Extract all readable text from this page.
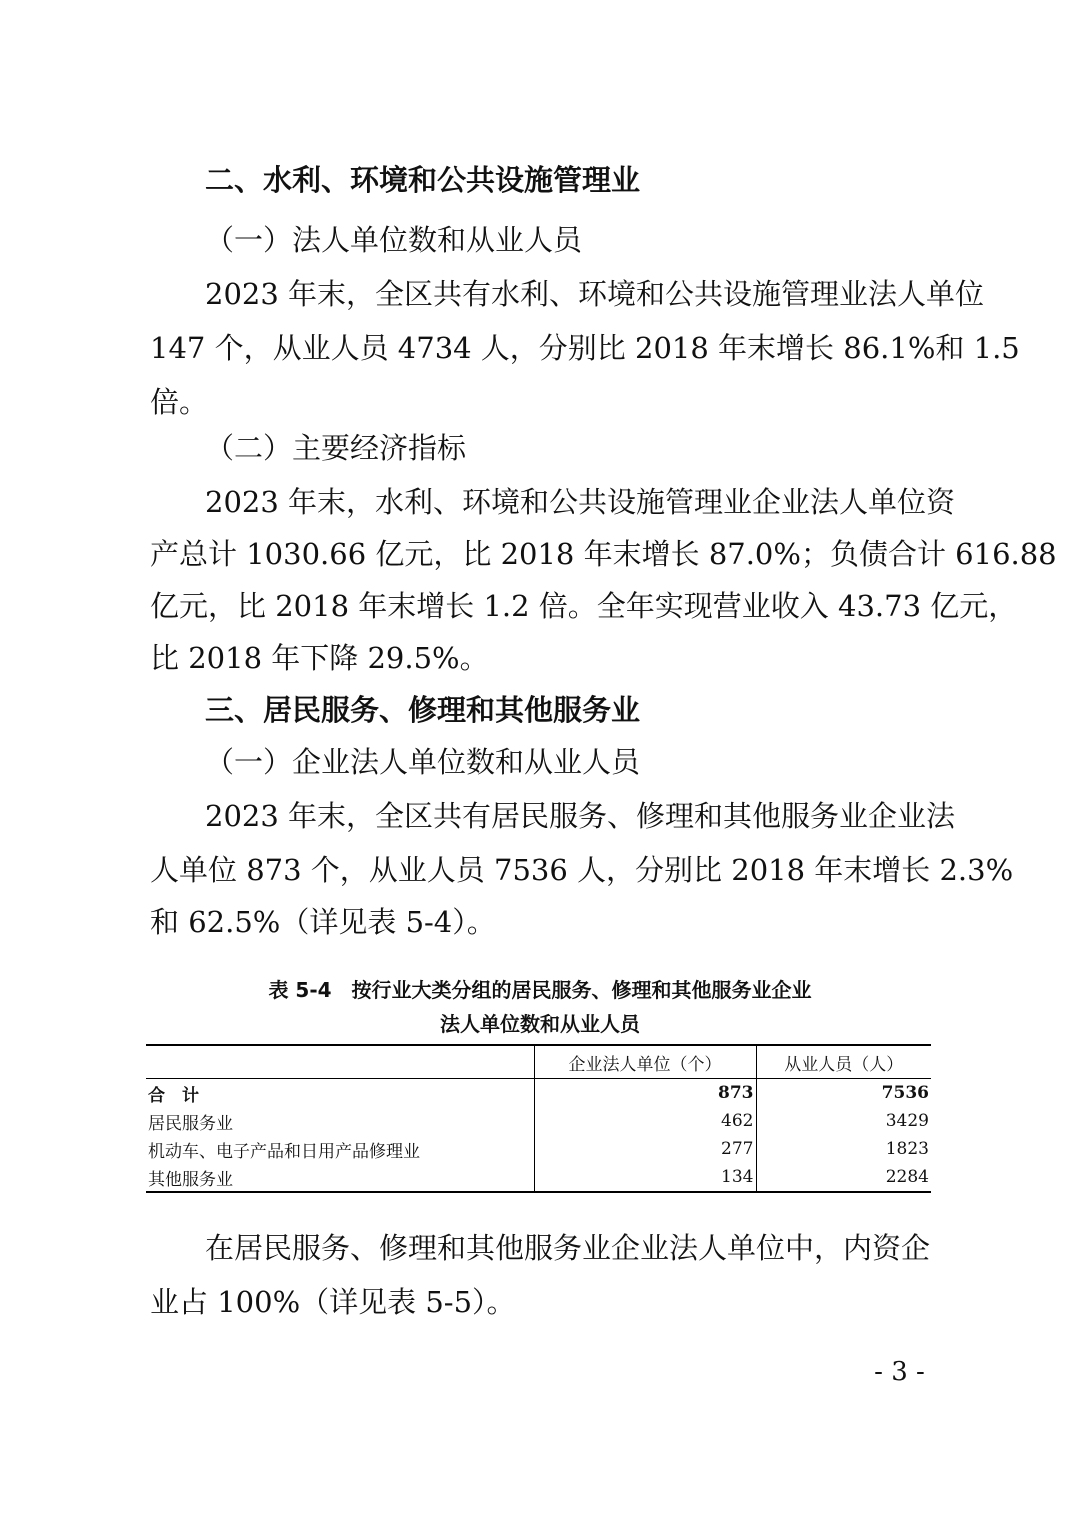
二、水利、环境和公共设施管理业
（一）法人单位数和从业人员
2023 年末，全区共有水利、环境和公共设施管理业法人单位
147 个，从业人员 4734 人，分别比 2018 年末增长 86.1%和 1.5
倍。
（二）主要经济指标
2023 年末，水利、环境和公共设施管理业企业法人单位资
产总计 1030.66 亿元，比 2018 年末增长 87.0%；负债合计 616.88
亿元，比 2018 年末增长 1.2 倍。全年实现营业收入 43.73 亿元，
比 2018 年下降 29.5%。
三、居民服务、修理和其他服务业
（一）企业法人单位数和从业人员
2023 年末，全区共有居民服务、修理和其他服务业企业法
人单位 873 个，从业人员 7536 人，分别比 2018 年末增长 2.3%
和 62.5%（详见表 5-4）。
表 5-4　按行业大类分组的居民服务、修理和其他服务业企业
法人单位数和从业人员
	企业法人单位（个）	从业人员（人）
合　计	873	7536
居民服务业	462	3429
机动车、电子产品和日用产品修理业	277	1823
其他服务业	134	2284
在居民服务、修理和其他服务业企业法人单位中，内资企
业占 100%（详见表 5-5）。
- 3 -
